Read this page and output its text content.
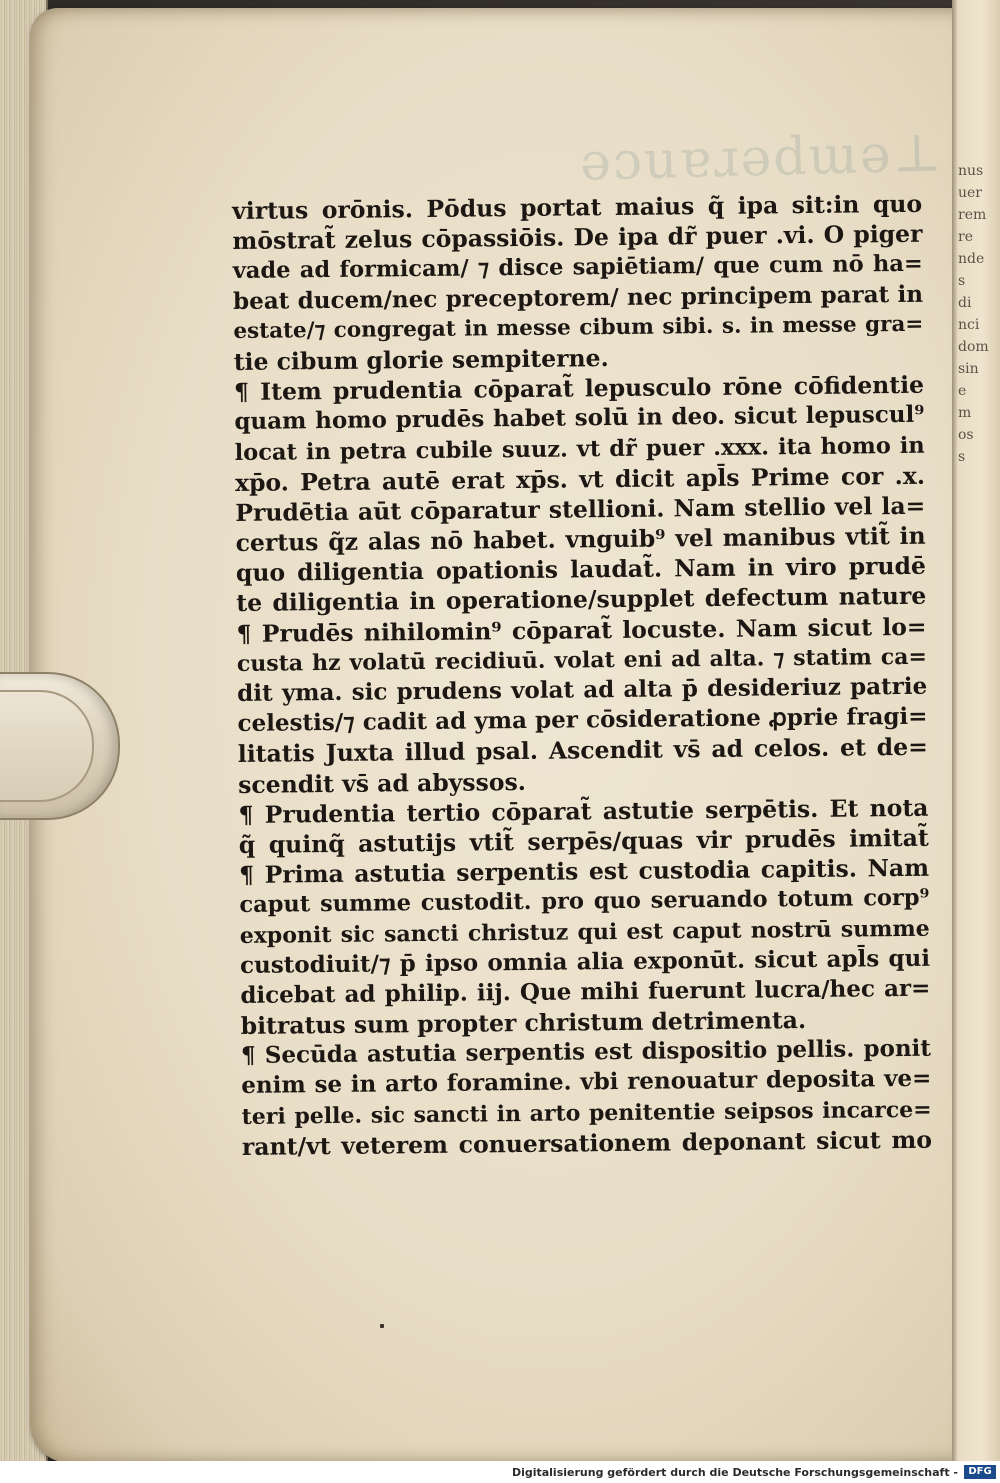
ǝɔuɐɹǝdɯǝ⊥ nus
uer
rem
re
nde
s
di
nci
dom
sin
e
m
os
s
virtus orōnis. Pōdus portat maius q̃ ipa sit:in quo
mōstrat̃ zelus cōpassiōis. De ipa dr̃ puer .vi. O piger
vade ad formicam/ ⁊ disce sapiētiam/ que cum nō ha=
beat ducem/nec preceptorem/ nec principem parat in
estate/⁊ congregat in messe cibum sibi. s. in messe gra=
tie cibum glorie sempiterne.
¶ Item prudentia cōparat̃ lepusculo rōne cōfidentie
quam homo prudēs habet solū in deo. sicut lepuscul⁹
locat in petra cubile suuz. vt dr̃ puer .xxx. ita homo in
xp̄o. Petra autē erat xp̄s. vt dicit apl̄s Prime cor .x.
Prudētia aūt cōparatur stellioni. Nam stellio vel la=
certus q̃z alas nō habet. vnguib⁹ vel manibus vtit̃ in
quo diligentia opationis laudat̃. Nam in viro prudē
te diligentia in operatione/supplet defectum nature
¶ Prudēs nihilomin⁹ cōparat̃ locuste. Nam sicut lo=
custa hz volatū recidiuū. volat eni ad alta. ⁊ statim ca=
dit yma. sic prudens volat ad alta p̄ desideriuz patrie
celestis/⁊ cadit ad yma per cōsideratione ꝓprie fragi=
litatis Juxta illud psal. Ascendit vs̄ ad celos. et de=
scendit vs̄ ad abyssos.
¶ Prudentia tertio cōparat̃ astutie serpētis. Et nota
q̃ quinq̃ astutijs vtit̃ serpēs/quas vir prudēs imitat̃
¶ Prima astutia serpentis est custodia capitis. Nam
caput summe custodit. pro quo seruando totum corp⁹
exponit sic sancti christuz qui est caput nostrū summe
custodiuit/⁊ p̄ ipso omnia alia exponūt. sicut apl̄s qui
dicebat ad philip. iij. Que mihi fuerunt lucra/hec ar=
bitratus sum propter christum detrimenta.
¶ Secūda astutia serpentis est dispositio pellis. ponit
enim se in arto foramine. vbi renouatur deposita ve=
teri pelle. sic sancti in arto penitentie seipsos incarce=
rant/vt veterem conuersationem deponant sicut mo
Digitalisierung gefördert durch die Deutsche Forschungsgemeinschaft -	DFG
